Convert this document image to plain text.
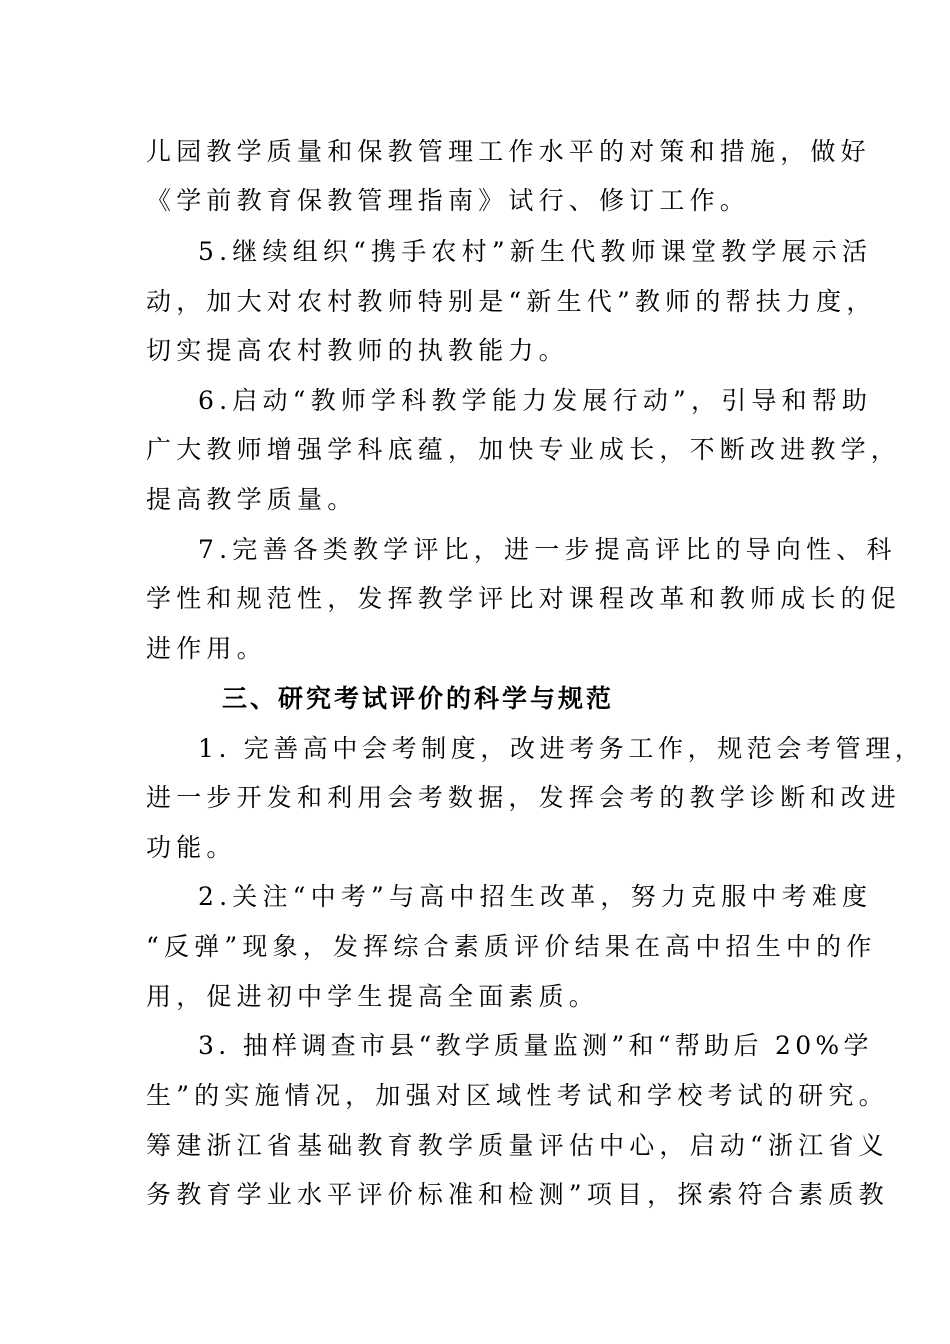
儿园教学质量和保教管理工作水平的对策和措施，做好
《学前教育保教管理指南》试行、修订工作。
5.继续组织“携手农村”新生代教师课堂教学展示活
动，加大对农村教师特别是“新生代”教师的帮扶力度，
切实提高农村教师的执教能力。
6.启动“教师学科教学能力发展行动”，引导和帮助
广大教师增强学科底蕴，加快专业成长，不断改进教学，
提高教学质量。
7.完善各类教学评比，进一步提高评比的导向性、科
学性和规范性，发挥教学评比对课程改革和教师成长的促
进作用。
三、研究考试评价的科学与规范
1. 完善高中会考制度，改进考务工作，规范会考管理，
进一步开发和利用会考数据，发挥会考的教学诊断和改进
功能。
2.关注“中考”与高中招生改革，努力克服中考难度
“反弹”现象，发挥综合素质评价结果在高中招生中的作
用，促进初中学生提高全面素质。
3. 抽样调查市县“教学质量监测”和“帮助后 20%学
生”的实施情况，加强对区域性考试和学校考试的研究。
筹建浙江省基础教育教学质量评估中心，启动“浙江省义
务教育学业水平评价标准和检测”项目，探索符合素质教
